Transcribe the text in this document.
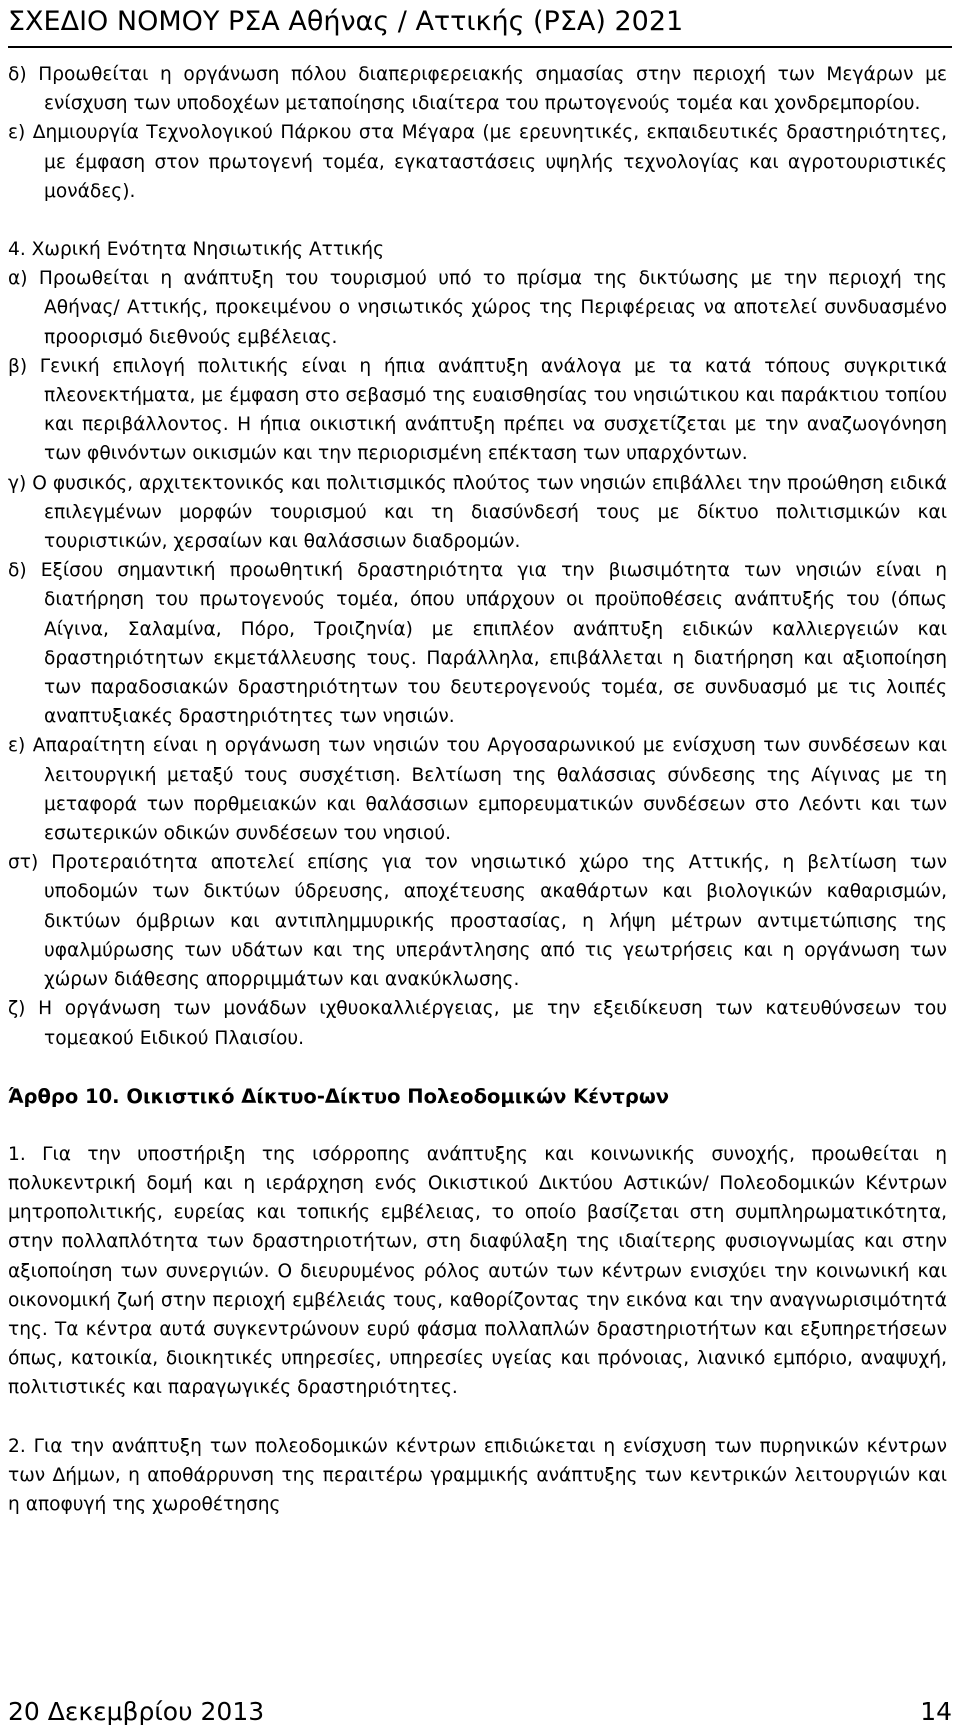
ΣΧΕΔΙΟ ΝΟΜΟΥ ΡΣΑ Αθήνας / Αττικής (ΡΣΑ) 2021

δ) Προωθείται η οργάνωση πόλου διαπεριφερειακής σημασίας στην περιοχή των Μεγάρων με ενίσχυση των υποδοχέων μεταποίησης ιδιαίτερα του πρωτογενούς τομέα και χονδρεμπορίου.

ε) Δημιουργία Τεχνολογικού Πάρκου στα Μέγαρα (με ερευνητικές, εκπαιδευτικές δραστηριότητες, με έμφαση στον πρωτογενή τομέα, εγκαταστάσεις υψηλής τεχνολογίας και αγροτουριστικές μονάδες).

4. Χωρική Ενότητα Νησιωτικής Αττικής

α) Προωθείται η ανάπτυξη του τουρισμού υπό το πρίσμα της δικτύωσης με την περιοχή της Αθήνας/ Αττικής, προκειμένου ο νησιωτικός χώρος της Περιφέρειας να αποτελεί συνδυασμένο προορισμό διεθνούς εμβέλειας.

β) Γενική επιλογή πολιτικής είναι η ήπια ανάπτυξη ανάλογα με τα κατά τόπους συγκριτικά πλεονεκτήματα, με έμφαση στο σεβασμό της ευαισθησίας του νησιώτικου και παράκτιου τοπίου και περιβάλλοντος. Η ήπια οικιστική ανάπτυξη πρέπει να συσχετίζεται με την αναζωογόνηση των φθινόντων οικισμών και την περιορισμένη επέκταση των υπαρχόντων.

γ) Ο φυσικός, αρχιτεκτονικός και πολιτισμικός πλούτος των νησιών επιβάλλει την προώθηση ειδικά επιλεγμένων μορφών τουρισμού και τη διασύνδεσή τους με δίκτυο πολιτισμικών και τουριστικών, χερσαίων και θαλάσσιων διαδρομών.

δ) Εξίσου σημαντική προωθητική δραστηριότητα για την βιωσιμότητα των νησιών είναι η διατήρηση του πρωτογενούς τομέα, όπου υπάρχουν οι προϋποθέσεις ανάπτυξής του (όπως Αίγινα, Σαλαμίνα, Πόρο, Τροιζηνία) με επιπλέον ανάπτυξη ειδικών καλλιεργειών και δραστηριότητων εκμετάλλευσης τους. Παράλληλα, επιβάλλεται η διατήρηση και αξιοποίηση των παραδοσιακών δραστηριότητων του δευτερογενούς τομέα, σε συνδυασμό με τις λοιπές αναπτυξιακές δραστηριότητες των νησιών.

ε) Απαραίτητη είναι η οργάνωση των νησιών του Αργοσαρωνικού με ενίσχυση των συνδέσεων και λειτουργική μεταξύ τους συσχέτιση. Βελτίωση της θαλάσσιας σύνδεσης της Αίγινας με τη μεταφορά των πορθμειακών και θαλάσσιων εμπορευματικών συνδέσεων στο Λεόντι και των εσωτερικών οδικών συνδέσεων του νησιού.

στ) Προτεραιότητα αποτελεί επίσης για τον νησιωτικό χώρο της Αττικής, η βελτίωση των υποδομών των δικτύων ύδρευσης, αποχέτευσης ακαθάρτων και βιολογικών καθαρισμών, δικτύων όμβριων και αντιπλημμυρικής προστασίας, η λήψη μέτρων αντιμετώπισης της υφαλμύρωσης των υδάτων και της υπεράντλησης από τις γεωτρήσεις και η οργάνωση των χώρων διάθεσης απορριμμάτων και ανακύκλωσης.

ζ) Η οργάνωση των μονάδων ιχθυοκαλλιέργειας, με την εξειδίκευση των κατευθύνσεων του τομεακού Ειδικού Πλαισίου.

Άρθρο 10. Οικιστικό Δίκτυο-Δίκτυο Πολεοδομικών Κέντρων

1. Για την υποστήριξη της ισόρροπης ανάπτυξης και κοινωνικής συνοχής, προωθείται η πολυκεντρική δομή και η ιεράρχηση ενός Οικιστικού Δικτύου Αστικών/ Πολεοδομικών Κέντρων μητροπολιτικής, ευρείας και τοπικής εμβέλειας, το οποίο βασίζεται στη συμπληρωματικότητα, στην πολλαπλότητα των δραστηριοτήτων, στη διαφύλαξη της ιδιαίτερης φυσιογνωμίας και στην αξιοποίηση των συνεργιών. Ο διευρυμένος ρόλος αυτών των κέντρων ενισχύει την κοινωνική και οικονομική ζωή στην περιοχή εμβέλειάς τους, καθορίζοντας την εικόνα και την αναγνωρισιμότητά της. Τα κέντρα αυτά συγκεντρώνουν ευρύ φάσμα πολλαπλών δραστηριοτήτων και εξυπηρετήσεων όπως, κατοικία, διοικητικές υπηρεσίες, υπηρεσίες υγείας και πρόνοιας, λιανικό εμπόριο, αναψυχή, πολιτιστικές και παραγωγικές δραστηριότητες.

2. Για την ανάπτυξη των πολεοδομικών κέντρων επιδιώκεται η ενίσχυση των πυρηνικών κέντρων των Δήμων, η αποθάρρυνση της περαιτέρω γραμμικής ανάπτυξης των κεντρικών λειτουργιών και η αποφυγή της χωροθέτησης

20 Δεκεμβρίου 2013	14
